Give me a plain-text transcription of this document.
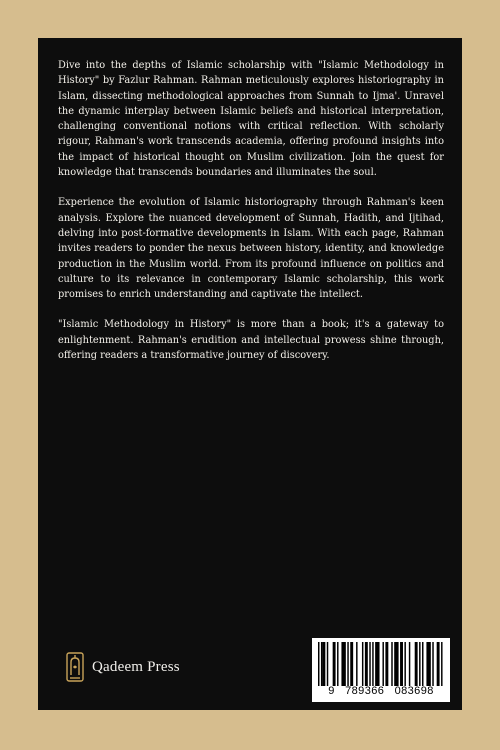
Dive into the depths of Islamic scholarship with "Islamic Methodology in History" by Fazlur Rahman. Rahman meticulously explores historiography in Islam, dissecting methodological approaches from Sunnah to Ijma'. Unravel the dynamic interplay between Islamic beliefs and historical interpretation, challenging conventional notions with critical reflection. With scholarly rigour, Rahman's work transcends academia, offering profound insights into the impact of historical thought on Muslim civilization. Join the quest for knowledge that transcends boundaries and illuminates the soul.

Experience the evolution of Islamic historiography through Rahman's keen analysis. Explore the nuanced development of Sunnah, Hadith, and Ijtihad, delving into post-formative developments in Islam. With each page, Rahman invites readers to ponder the nexus between history, identity, and knowledge production in the Muslim world. From its profound influence on politics and culture to its relevance in contemporary Islamic scholarship, this work promises to enrich understanding and captivate the intellect.

"Islamic Methodology in History" is more than a book; it's a gateway to enlightenment. Rahman's erudition and intellectual prowess shine through, offering readers a transformative journey of discovery.

Qadeem Press
9   789366   083698
